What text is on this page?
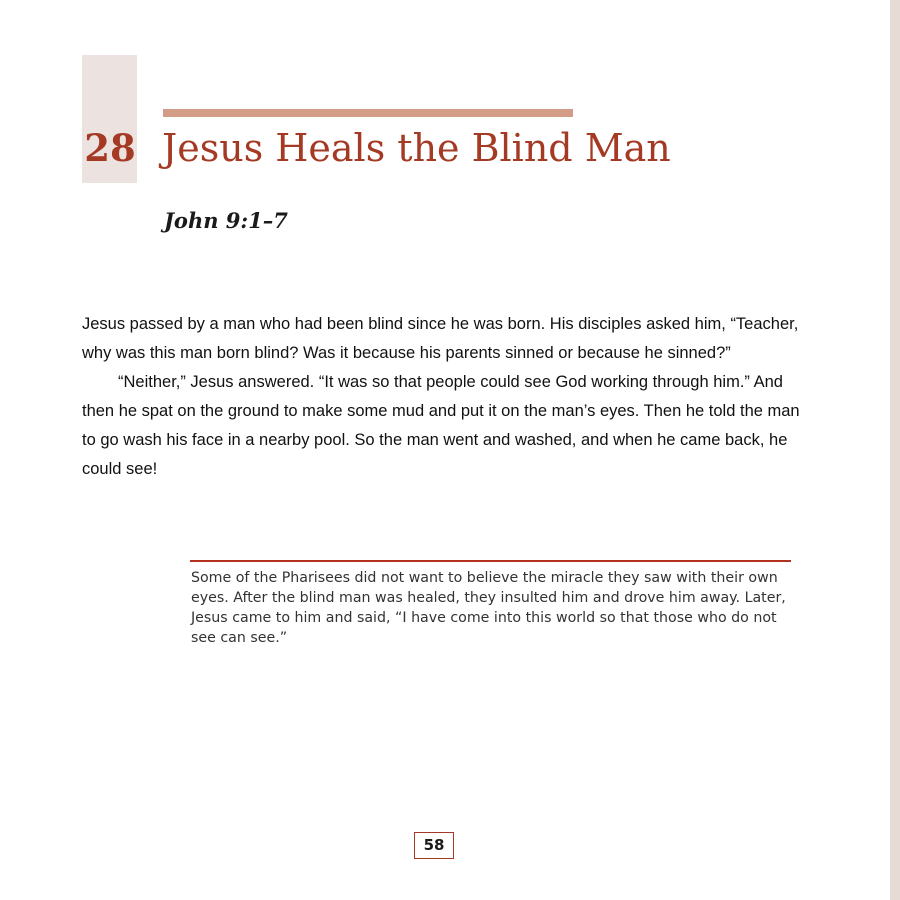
28 Jesus Heals the Blind Man
John 9:1–7

Jesus passed by a man who had been blind since he was born. His disciples asked him, “Teacher, why was this man born blind? Was it because his parents sinned or because he sinned?”

“Neither,” Jesus answered. “It was so that people could see God working through him.” And then he spat on the ground to make some mud and put it on the man’s eyes. Then he told the man to go wash his face in a nearby pool. So the man went and washed, and when he came back, he could see!

Some of the Pharisees did not want to believe the miracle they saw with their own eyes. After the blind man was healed, they insulted him and drove him away. Later, Jesus came to him and said, “I have come into this world so that those who do not see can see.”

58
